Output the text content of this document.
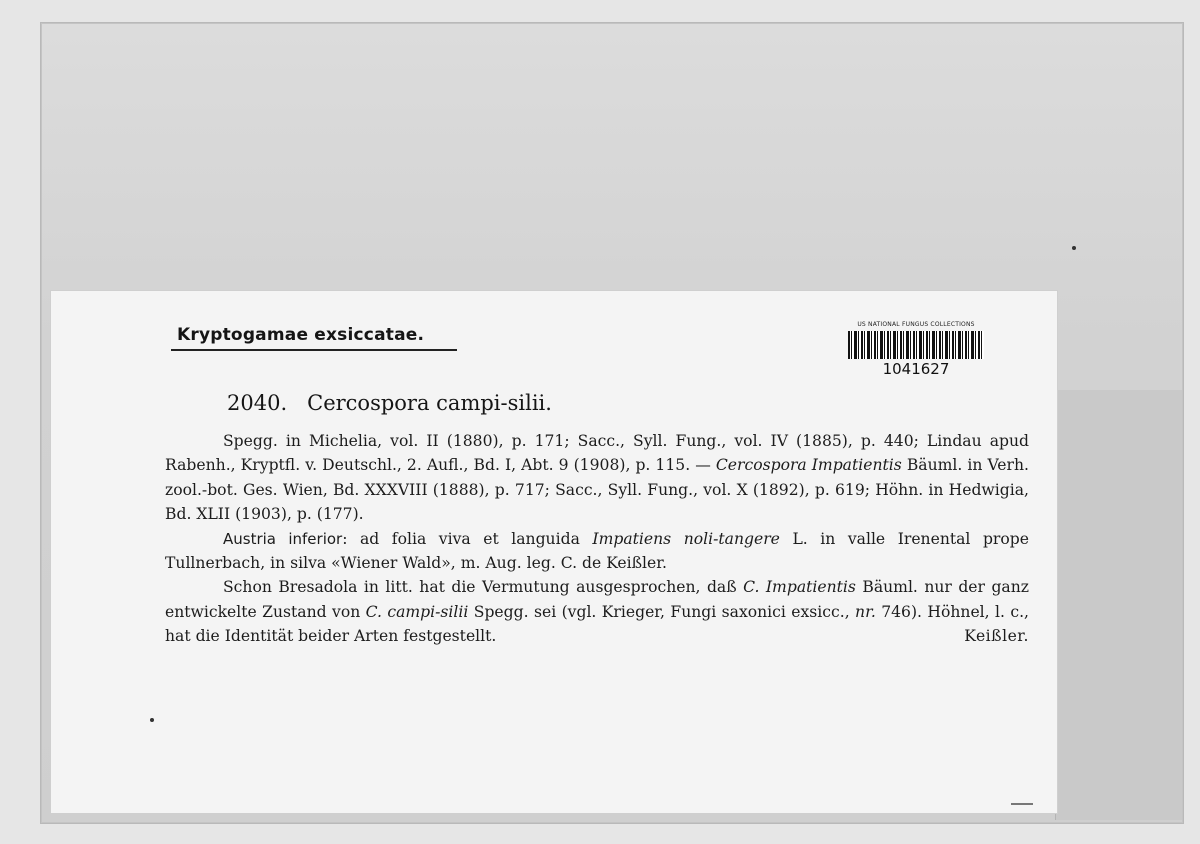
Kryptogamae exsiccatae.
US NATIONAL FUNGUS COLLECTIONS
1041627
2040. Cercospora campi-silii.

Spegg. in Michelia, vol. II (1880), p. 171; Sacc., Syll. Fung., vol. IV (1885), p. 440; Lindau apud Rabenh., Kryptfl. v. Deutschl., 2. Aufl., Bd. I, Abt. 9 (1908), p. 115. — Cercospora Impatientis Bäuml. in Verh. zool.-bot. Ges. Wien, Bd. XXXVIII (1888), p. 717; Sacc., Syll. Fung., vol. X (1892), p. 619; Höhn. in Hedwigia, Bd. XLII (1903), p. (177).

Austria inferior: ad folia viva et languida Impatiens noli-tangere L. in valle Irenental prope Tullnerbach, in silva «Wiener Wald», m. Aug. leg. C. de Keißler.

Schon Bresadola in litt. hat die Vermutung ausgesprochen, daß C. Impatientis Bäuml. nur der ganz entwickelte Zustand von C. campi-silii Spegg. sei (vgl. Krieger, Fungi saxonici exsicc., nr. 746). Höhnel, l. c., hat die Identität beider Arten festgestellt.	Keißler.
